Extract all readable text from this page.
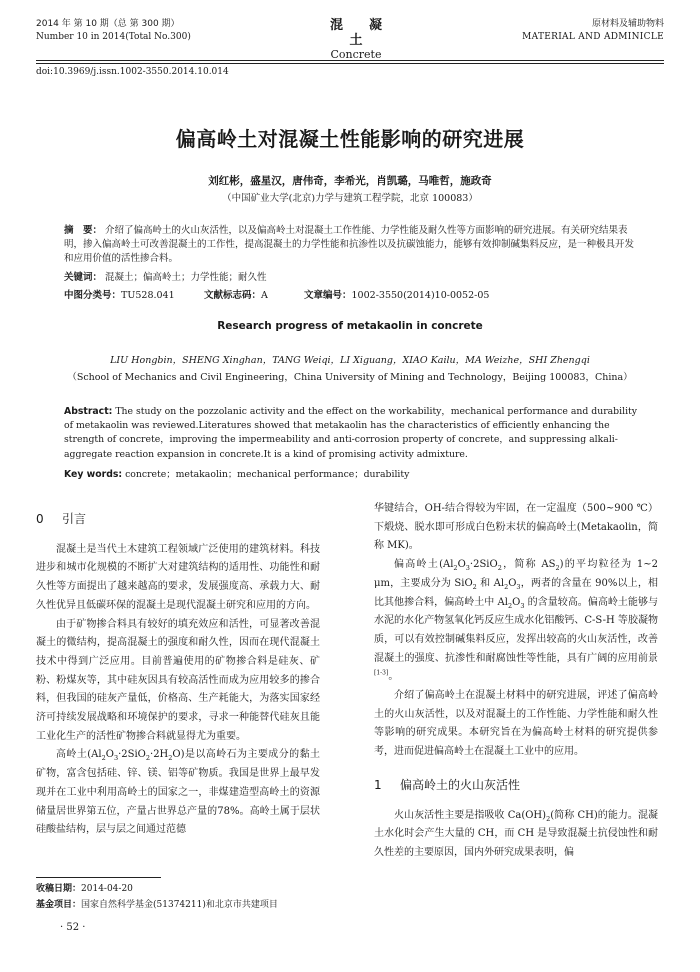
2014 年 第 10 期（总 第 300 期）
Number 10 in 2014(Total No.300)
混凝土
Concrete
原材料及辅助物料
MATERIAL AND ADMINICLE
doi:10.3969/j.issn.1002-3550.2014.10.014
偏高岭土对混凝土性能影响的研究进展
刘红彬，盛星汉，唐伟奇，李希光，肖凯璐，马唯哲，施政奇
（中国矿业大学(北京)力学与建筑工程学院，北京 100083）
摘　要： 介绍了偏高岭土的火山灰活性，以及偏高岭土对混凝土工作性能、力学性能及耐久性等方面影响的研究进展。有关研究结果表明，掺入偏高岭土可改善混凝土的工作性，提高混凝土的力学性能和抗渗性以及抗碳蚀能力，能够有效抑制碱集料反应，是一种极具开发和应用价值的活性掺合料。
关键词： 混凝土；偏高岭土；力学性能；耐久性
中图分类号：TU528.041	文献标志码：A	文章编号：1002-3550(2014)10-0052-05
Research progress of metakaolin in concrete
LIU Hongbin，SHENG Xinghan，TANG Weiqi，LI Xiguang，XIAO Kailu，MA Weizhe，SHI Zhengqi
（School of Mechanics and Civil Engineering，China University of Mining and Technology，Beijing 100083，China）
Abstract: The study on the pozzolanic activity and the effect on the workability，mechanical performance and durability of metakaolin was reviewed.Literatures showed that metakaolin has the characteristics of efficiently enhancing the strength of concrete，improving the impermeability and anti-corrosion property of concrete，and suppressing alkali-aggregate reaction expansion in concrete.It is a kind of promising activity admixture.
Key words: concrete；metakaolin；mechanical performance；durability
0 引言

混凝土是当代土木建筑工程领域广泛使用的建筑材料。科技进步和城市化规模的不断扩大对建筑结构的适用性、功能性和耐久性等方面提出了越来越高的要求，发展强度高、承载力大、耐久性优异且低碳环保的混凝土是现代混凝土研究和应用的方向。

由于矿物掺合料具有较好的填充效应和活性，可显著改善混凝土的微结构，提高混凝土的强度和耐久性，因而在现代混凝土技术中得到广泛应用。目前普遍使用的矿物掺合料是硅灰、矿粉、粉煤灰等，其中硅灰因具有较高活性而成为应用较多的掺合料，但我国的硅灰产量低，价格高、生产耗能大，为落实国家经济可持续发展战略和环境保护的要求，寻求一种能替代硅灰且能工业化生产的活性矿物掺合料就显得尤为重要。

高岭土$(Al_2O_3\cdot 2SiO_2\cdot 2H_2O)$是以高岭石为主要成分的黏土矿物，富含包括硅、锌、镁、铝等矿物质。我国是世界上最早发现并在工业中利用高岭土的国家之一，非煤建造型高岭土的资源储量居世界第五位，产量占世界总产量的78%。高岭土属于层状硅酸盐结构，层与层之间通过范德

华键结合，OH-结合得较为牢固，在一定温度（500~900 ℃）下煅烧、脱水即可形成白色粉末状的偏高岭土(Metakaolin，简称 MK)。

偏高岭土($Al_2O_3\cdot 2SiO_2$，简称 $AS_2$)的平均粒径为 1~2 μm，主要成分为 SiO$_2$ 和 $Al_2O_3$，两者的含量在 90%以上，相比其他掺合料，偏高岭土中 $Al_2O_3$ 的含量较高。偏高岭土能够与水泥的水化产物氢氧化钙反应生成水化铝酸钙、C-S-H 等胶凝物质，可以有效控制碱集料反应，发挥出较高的火山灰活性，改善混凝土的强度、抗渗性和耐腐蚀性等性能，具有广阔的应用前景[1-3]。

介绍了偏高岭土在混凝土材料中的研究进展，评述了偏高岭土的火山灰活性，以及对混凝土的工作性能、力学性能和耐久性等影响的研究成果。本研究旨在为偏高岭土材料的研究提供参考，进而促进偏高岭土在混凝土工业中的应用。

1 偏高岭土的火山灰活性

火山灰活性主要是指吸收 $Ca(OH)_2$(简称 CH)的能力。混凝土水化时会产生大量的 CH，而 CH 是导致混凝土抗侵蚀性和耐久性差的主要原因，国内外研究成果表明，偏

收稿日期：2014-04-20
基金项目：国家自然科学基金(51374211)和北京市共建项目
· 52 ·
